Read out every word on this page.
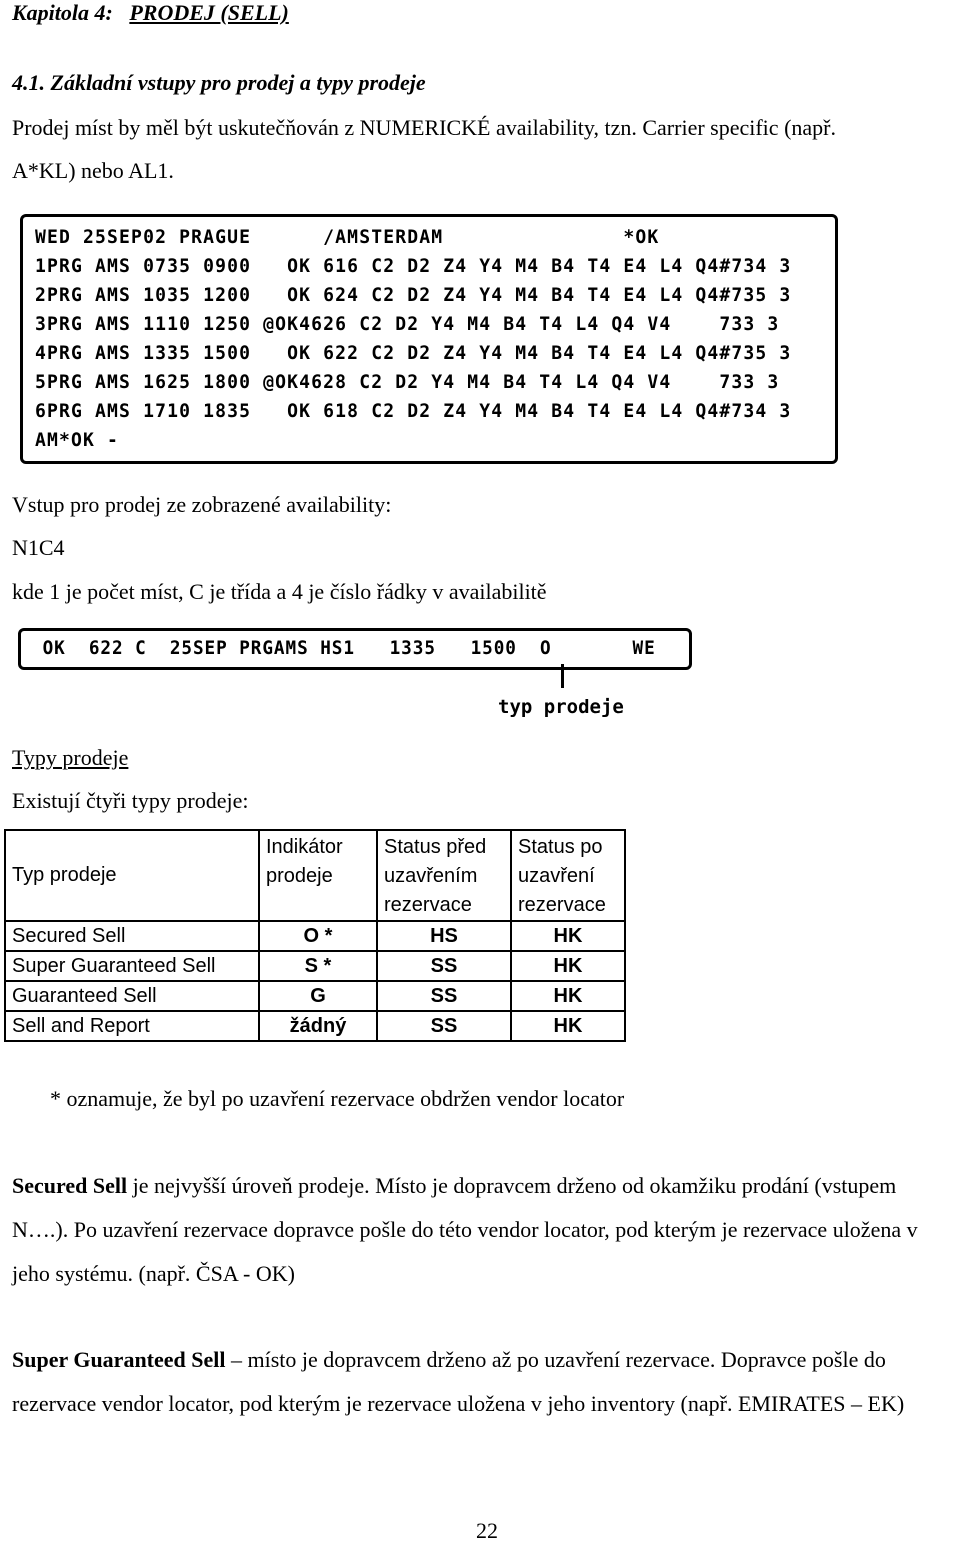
Kapitola 4: PRODEJ (SELL)
4.1. Základní vstupy pro prodej a typy prodeje
Prodej míst by měl být uskutečňován z NUMERICKÉ availability, tzn. Carrier specific (např.
A*KL) nebo AL1.
WED 25SEP02 PRAGUE      /AMSTERDAM               *OK
1PRG AMS 0735 0900   OK 616 C2 D2 Z4 Y4 M4 B4 T4 E4 L4 Q4#734 3
2PRG AMS 1035 1200   OK 624 C2 D2 Z4 Y4 M4 B4 T4 E4 L4 Q4#735 3
3PRG AMS 1110 1250 @OK4626 C2 D2 Y4 M4 B4 T4 L4 Q4 V4    733 3
4PRG AMS 1335 1500   OK 622 C2 D2 Z4 Y4 M4 B4 T4 E4 L4 Q4#735 3
5PRG AMS 1625 1800 @OK4628 C2 D2 Y4 M4 B4 T4 L4 Q4 V4    733 3
6PRG AMS 1710 1835   OK 618 C2 D2 Z4 Y4 M4 B4 T4 E4 L4 Q4#734 3
AM*OK -
Vstup pro prodej ze zobrazené availability:
N1C4
kde 1 je počet míst, C je třída a 4 je číslo řádky v availabilitě
OK  622 C  25SEP PRGAMS HS1   1335   1500  O       WE
typ prodeje
Typy prodeje
Existují čtyři typy prodeje:
Typ prodeje	Indikátor prodeje	Status před uzavřením rezervace	Status po uzavření rezervace
Secured Sell	O *	HS	HK
Super Guaranteed Sell	S *	SS	HK
Guaranteed Sell	G	SS	HK
Sell and Report	žádný	SS	HK
* oznamuje, že byl po uzavření rezervace obdržen vendor locator
Secured Sell je nejvyšší úroveň prodeje. Místo je dopravcem drženo od okamžiku prodání (vstupem N….). Po uzavření rezervace dopravce pošle do této vendor locator, pod kterým je rezervace uložena v jeho systému. (např. ČSA - OK)
Super Guaranteed Sell – místo je dopravcem drženo až po uzavření rezervace. Dopravce pošle do rezervace vendor locator, pod kterým je rezervace uložena v jeho inventory (např. EMIRATES – EK)
22
